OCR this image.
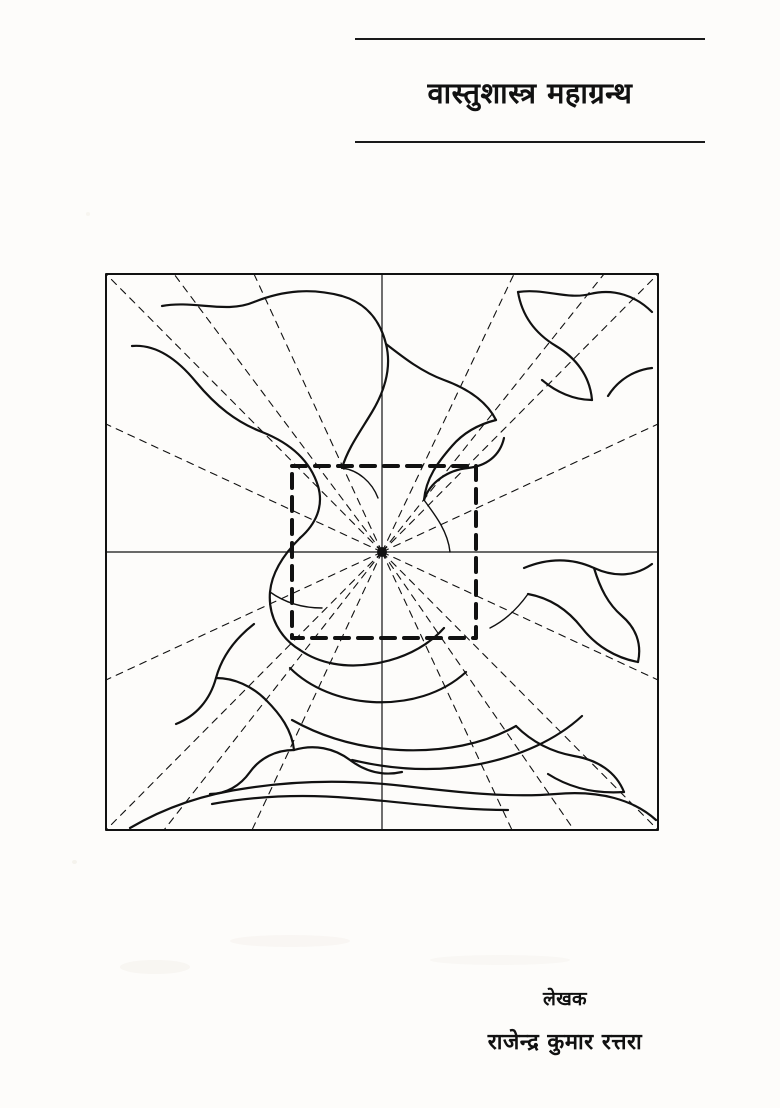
वास्तुशास्त्र महाग्रन्थ
लेखक
राजेन्द्र कुमार रत्तरा
